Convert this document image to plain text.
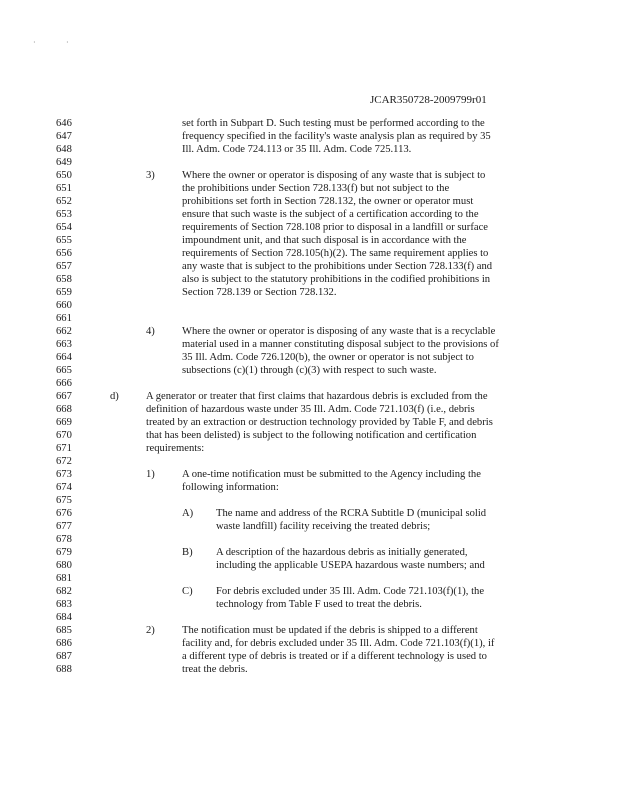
·	·
JCAR350728-2009799r01
646
647
648
649
650
651
652
653
654
655
656
657
658
659
660
661
662
663
664
665
666
667
668
669
670
671
672
673
674
675
676
677
678
679
680
681
682
683
684
685
686
687
688
set forth in Subpart D. Such testing must be performed according to the
frequency specified in the facility's waste analysis plan as required by 35
Ill. Adm. Code 724.113 or 35 Ill. Adm. Code 725.113.
3)	Where the owner or operator is disposing of any waste that is subject to
the prohibitions under Section 728.133(f) but not subject to the
prohibitions set forth in Section 728.132, the owner or operator must
ensure that such waste is the subject of a certification according to the
requirements of Section 728.108 prior to disposal in a landfill or surface
impoundment unit, and that such disposal is in accordance with the
requirements of Section 728.105(h)(2). The same requirement applies to
any waste that is subject to the prohibitions under Section 728.133(f) and
also is subject to the statutory prohibitions in the codified prohibitions in
Section 728.139 or Section 728.132.
4)	Where the owner or operator is disposing of any waste that is a recyclable
material used in a manner constituting disposal subject to the provisions of
35 Ill. Adm. Code 726.120(b), the owner or operator is not subject to
subsections (c)(1) through (c)(3) with respect to such waste.
d)	A generator or treater that first claims that hazardous debris is excluded from the
definition of hazardous waste under 35 Ill. Adm. Code 721.103(f) (i.e., debris
treated by an extraction or destruction technology provided by Table F, and debris
that has been delisted) is subject to the following notification and certification
requirements:
1)	A one-time notification must be submitted to the Agency including the
following information:
A) The name and address of the RCRA Subtitle D (municipal solid
waste landfill) facility receiving the treated debris;
B) A description of the hazardous debris as initially generated,
including the applicable USEPA hazardous waste numbers; and
C) For debris excluded under 35 Ill. Adm. Code 721.103(f)(1), the
technology from Table F used to treat the debris.
2)	The notification must be updated if the debris is shipped to a different
facility and, for debris excluded under 35 Ill. Adm. Code 721.103(f)(1), if
a different type of debris is treated or if a different technology is used to
treat the debris.
